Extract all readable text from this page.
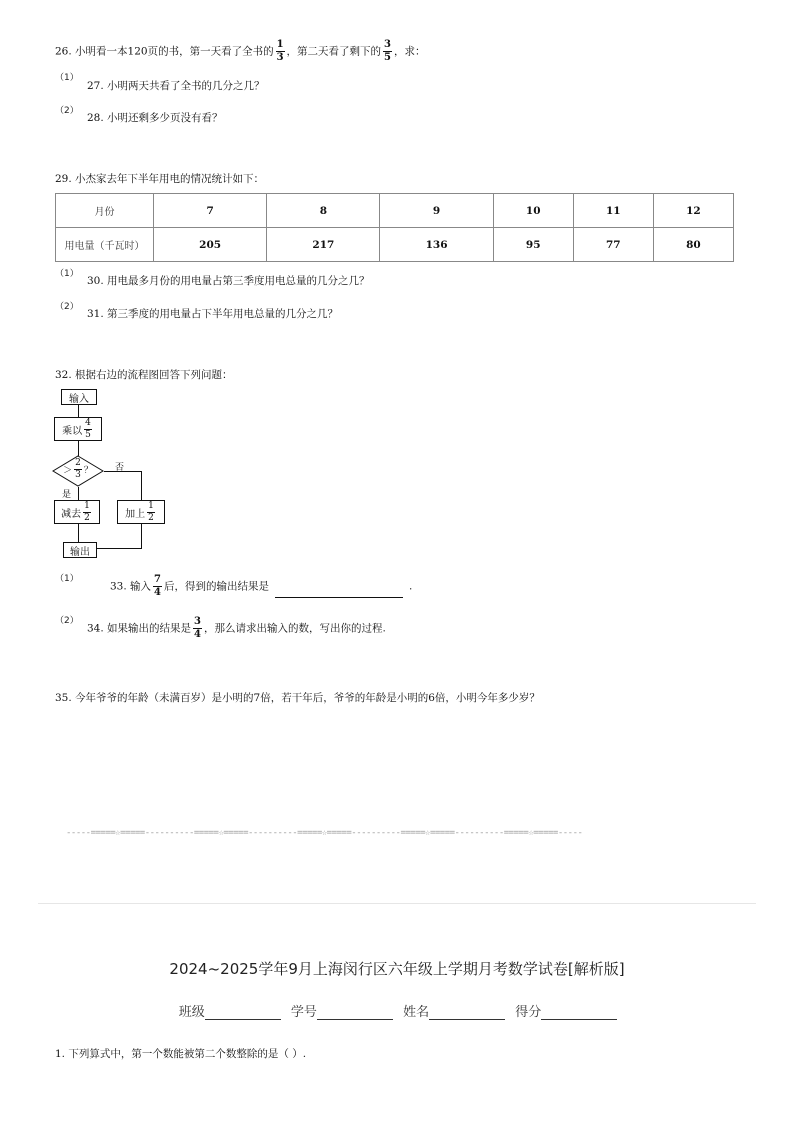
26. 小明看一本120页的书，第一天看了全书的 $\frac{1}{3}$ ，第二天看了剩下的 $\frac{3}{5}$ ，求：
（1）
27. 小明两天共看了全书的几分之几？
（2）
28. 小明还剩多少页没有看？
29. 小杰家去年下半年用电的情况统计如下：
月份	7	8	9	10	11	12
用电量（千瓦时）	205	217	136	95	77	80
（1）
30. 用电最多月份的用电量占第三季度用电总量的几分之几？
（2）
31. 第三季度的用电量占下半年用电总量的几分之几？
32. 根据右边的流程图回答下列问题：
输入
乘以 $\frac{4}{5}$
＞ $\frac{2}{3}$ ？ 否
是
减去 $\frac{1}{2}$	加上 $\frac{1}{2}$
输出
（1）
33. 输入 $\frac{7}{4}$ 后，得到的输出结果是	.
（2）
34. 如果输出的结果是 $\frac{3}{4}$ ，那么请求出输入的数，写出你的过程.
35. 今年爷爷的年龄（未满百岁）是小明的7倍，若干年后，爷爷的年龄是小明的6倍，小明今年多少岁？
-----=====☆=====----------=====☆=====----------=====☆=====----------=====☆=====----------=====☆=====-----
2024~2025学年9月上海闵行区六年级上学期月考数学试卷[解析版]
班级	学号	姓名	得分
1. 下列算式中，第一个数能被第二个数整除的是（ ）.
